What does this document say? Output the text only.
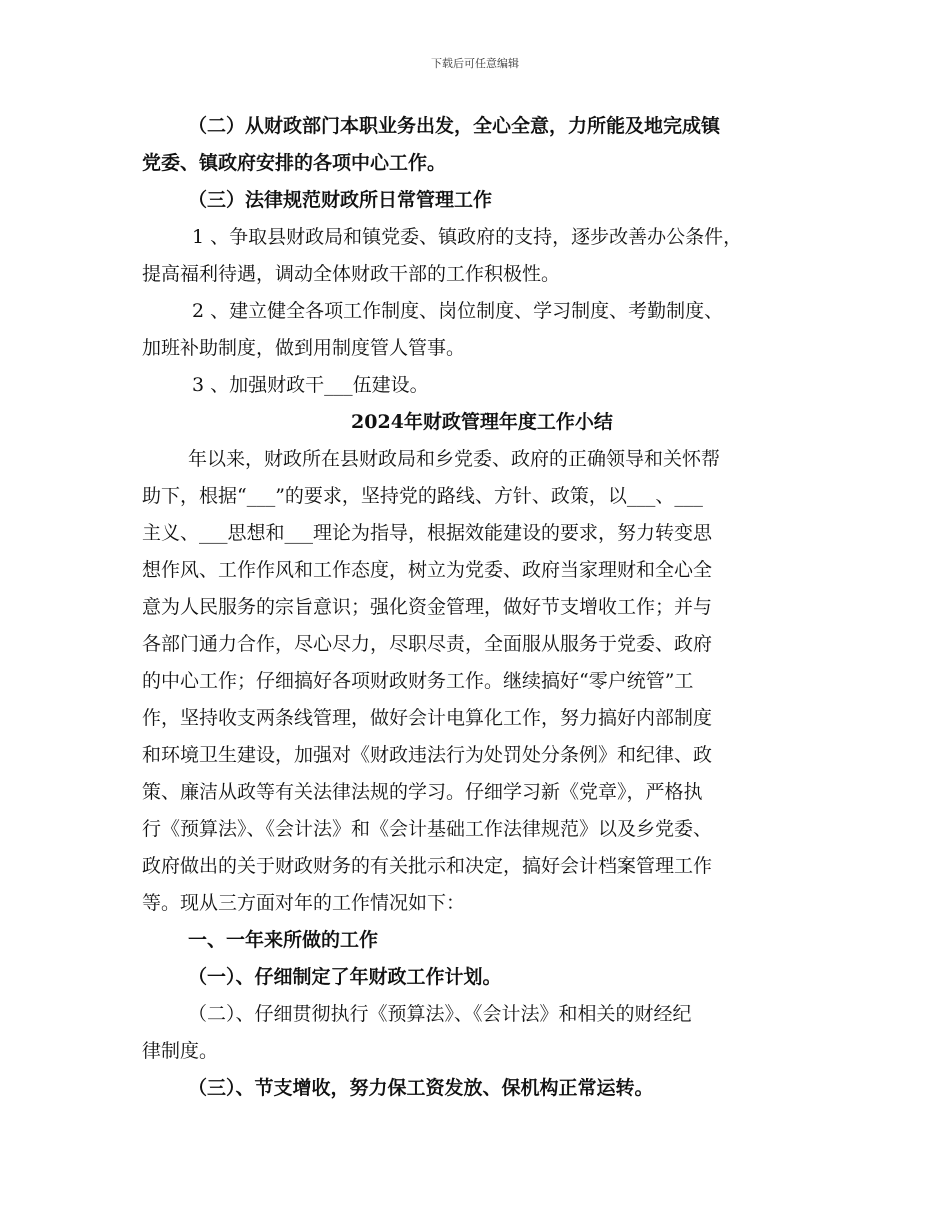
下载后可任意编辑
（二）从财政部门本职业务出发，全心全意，力所能及地完成镇
党委、镇政府安排的各项中心工作。
（三）法律规范财政所日常管理工作
1 、争取县财政局和镇党委、镇政府的支持，逐步改善办公条件，
提高福利待遇，调动全体财政干部的工作积极性。
2 、建立健全各项工作制度、岗位制度、学习制度、考勤制度、
加班补助制度，做到用制度管人管事。
3 、加强财政干___伍建设。
2024年财政管理年度工作小结
年以来，财政所在县财政局和乡党委、政府的正确领导和关怀帮
助下，根据“___”的要求，坚持党的路线、方针、政策，以___、___
主义、___思想和___理论为指导，根据效能建设的要求，努力转变思
想作风、工作作风和工作态度，树立为党委、政府当家理财和全心全
意为人民服务的宗旨意识；强化资金管理，做好节支增收工作；并与
各部门通力合作，尽心尽力，尽职尽责，全面服从服务于党委、政府
的中心工作；仔细搞好各项财政财务工作。继续搞好“零户统管”工
作，坚持收支两条线管理，做好会计电算化工作，努力搞好内部制度
和环境卫生建设，加强对《财政违法行为处罚处分条例》和纪律、政
策、廉洁从政等有关法律法规的学习。仔细学习新《党章》，严格执
行《预算法》、《会计法》和《会计基础工作法律规范》以及乡党委、
政府做出的关于财政财务的有关批示和决定，搞好会计档案管理工作
等。现从三方面对年的工作情况如下：
一、一年来所做的工作
（一）、仔细制定了年财政工作计划。
（二）、仔细贯彻执行《预算法》、《会计法》和相关的财经纪
律制度。
（三）、节支增收，努力保工资发放、保机构正常运转。
